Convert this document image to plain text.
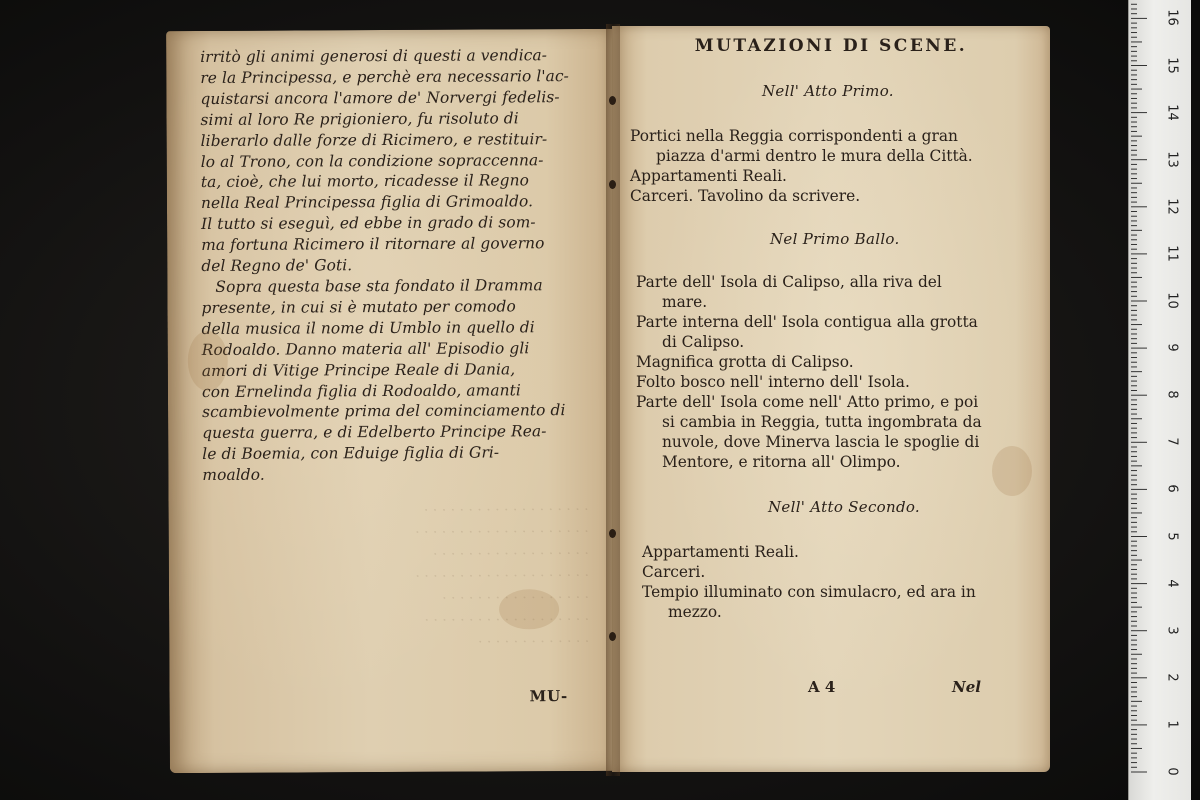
· · · · · · · · · · · · · · · · · · ·
· · · · · · · · · · · · · · · · · · · ·
· · · · · · · · · · · · · · · · · ·
· · · · · · · · · · · · · · · · · · · ·
· · · · · · · · · · · · · · · · ·
· · · · · · · · · · · · · · · · · · ·
· · · · · · · · · · · · ·
irritò gli animi generosi di questi a vendica-
re la Principessa, e perchè era necessario l'ac-
quistarsi ancora l'amore de' Norvergi fedelis-
simi al loro Re prigioniero, fu risoluto di
liberarlo dalle forze di Ricimero, e restituir-
lo al Trono, con la condizione sopraccenna-
ta, cioè, che lui morto, ricadesse il Regno
nella Real Principessa figlia di Grimoaldo.
Il tutto si eseguì, ed ebbe in grado di som-
ma fortuna Ricimero il ritornare al governo
del Regno de' Goti.
Sopra questa base sta fondato il Dramma
presente, in cui si è mutato per comodo
della musica il nome di Umblo in quello di
Rodoaldo. Danno materia all' Episodio gli
amori di Vitige Principe Reale di Dania,
con Ernelinda figlia di Rodoaldo, amanti
scambievolmente prima del cominciamento di
questa guerra, e di Edelberto Principe Rea-
le di Boemia, con Eduige figlia di Gri-
moaldo.
MU-
MUTAZIONI DI SCENE.
Nell' Atto Primo.
Portici nella Reggia corrispondenti a gran
piazza d'armi dentro le mura della Città.
Appartamenti Reali.
Carceri. Tavolino da scrivere.
Nel Primo Ballo.
Parte dell' Isola di Calipso, alla riva del
mare.
Parte interna dell' Isola contigua alla grotta
di Calipso.
Magnifica grotta di Calipso.
Folto bosco nell' interno dell' Isola.
Parte dell' Isola come nell' Atto primo, e poi
si cambia in Reggia, tutta ingombrata da
nuvole, dove Minerva lascia le spoglie di
Mentore, e ritorna all' Olimpo.
Nell' Atto Secondo.
Appartamenti Reali.
Carceri.
Tempio illuminato con simulacro, ed ara in
mezzo.
A 4	Nel
0
1
2
3
4
5
6
7
8
9
10
11
12
13
14
15
16
